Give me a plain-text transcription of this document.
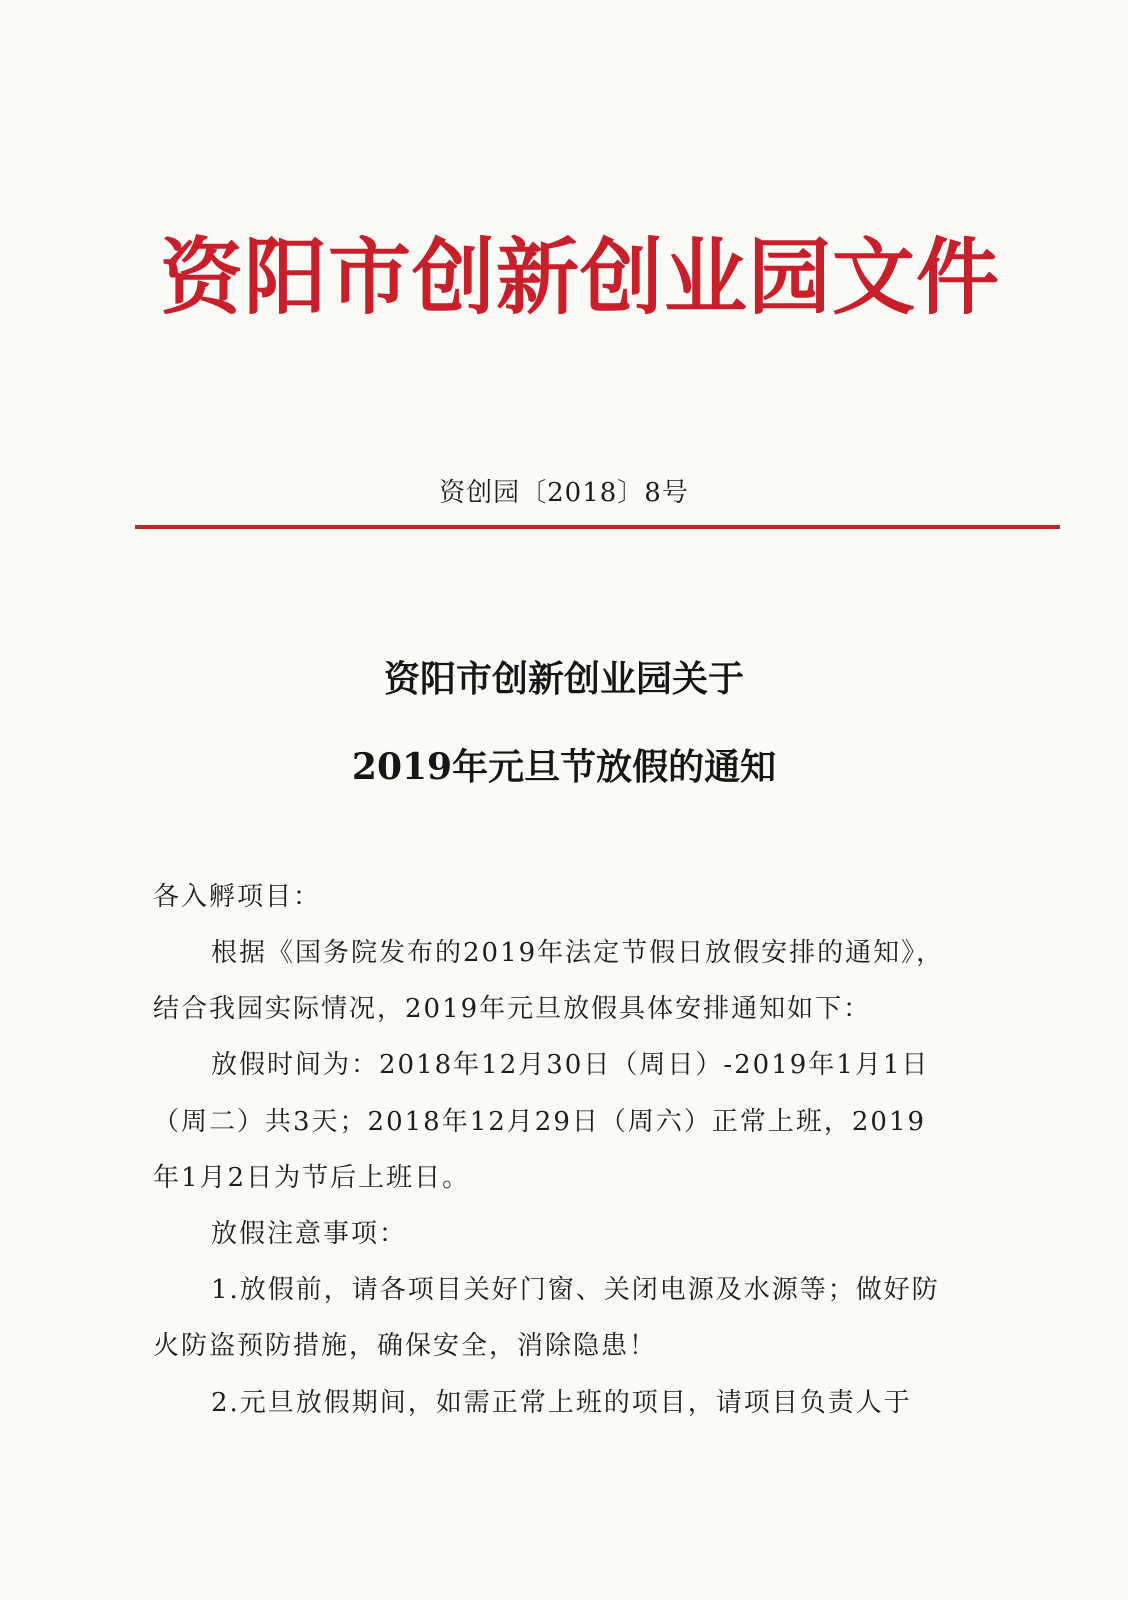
资阳市创新创业园文件
资创园〔2018〕8号
资阳市创新创业园关于
2019年元旦节放假的通知
各入孵项目：
根据《国务院发布的2019年法定节假日放假安排的通知》，
结合我园实际情况，2019年元旦放假具体安排通知如下：
放假时间为：2018年12月30日（周日）-2019年1月1日
（周二）共3天；2018年12月29日（周六）正常上班，2019
年1月2日为节后上班日。
放假注意事项：
1.放假前，请各项目关好门窗、关闭电源及水源等；做好防
火防盗预防措施，确保安全，消除隐患！
2.元旦放假期间，如需正常上班的项目，请项目负责人于
